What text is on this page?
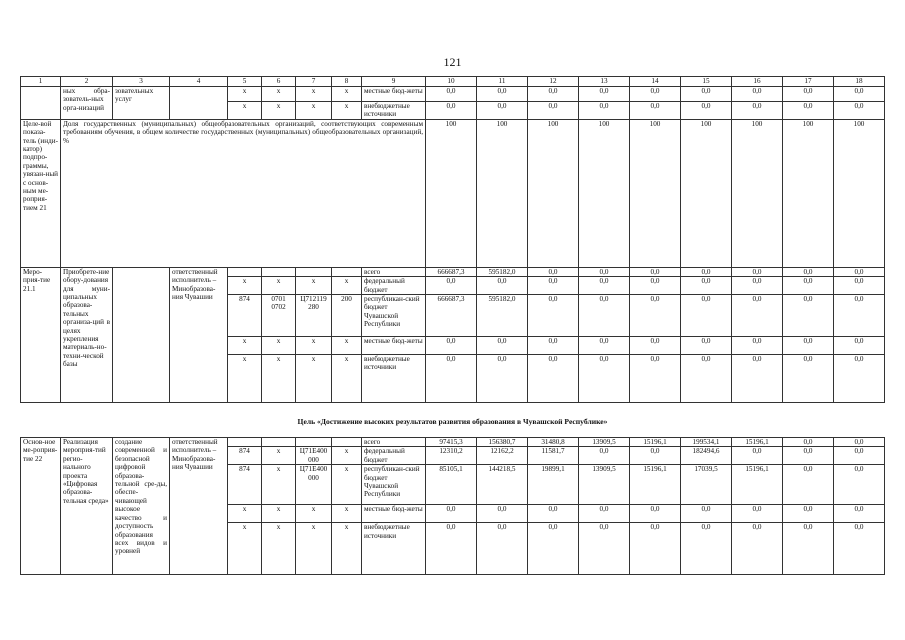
121
1	2	3	4	5	6	7	8	9	10	11	12	13	14	15	16	17	18
	ных обра-зователь-ных орга-низаций	зовательных услуг		x	x	x	x	местные бюд-жеты	0,0	0,0	0,0	0,0	0,0	0,0	0,0	0,0	0,0
				x	x	x	x	внебюджетные источники	0,0	0,0	0,0	0,0	0,0	0,0	0,0	0,0	0,0
Целе-вой показа-тель (инди-катор) подпро-граммы, увязан-ный с основ-ным ме-роприя-тием 21	Доля государственных (муниципальных) общеобразовательных организаций, соответствующих современным требованиям обучения, в общем количестве государственных (муниципальных) общеобразовательных организаций, %								100	100	100	100	100	100	100	100	100
Меро-прия-тие 21.1	Приобрете-ние обору-дования для муни-ципальных образова-тельных организа-ций в целях укрепления материаль-но-техни-ческой базы		ответственный исполнитель – Минобразова-ния Чувашии					всего	666687,3	595182,0	0,0	0,0	0,0	0,0	0,0	0,0	0,0
				x	x	x	x	федеральный бюджет	0,0	0,0	0,0	0,0	0,0	0,0	0,0	0,0	0,0
				874	0701 0702	Ц712119 280	200	республикан-ский бюджет Чувашской Республики	666687,3	595182,0	0,0	0,0	0,0	0,0	0,0	0,0	0,0
				x	x	x	x	местные бюд-жеты	0,0	0,0	0,0	0,0	0,0	0,0	0,0	0,0	0,0
				x	x	x	x	внебюджетные источники	0,0	0,0	0,0	0,0	0,0	0,0	0,0	0,0	0,0
Цель «Достижение высоких результатов развития образования в Чувашской Республике»																	
Основ-ное ме-роприя-тие 22	Реализация мероприя-тий регио-нального проекта «Цифровая образова-тельная среда»	создание современной и безопасной цифровой образова-тельной сре-ды, обеспе-чивающей высокое качество и доступность образования всех видов и уровней	ответственный исполнитель – Минобразова-ния Чувашии					всего	97415,3	156380,7	31480,8	13909,5	15196,1	199534,1	15196,1	0,0	0,0
				874	x	Ц71Е400 000	x	федеральный бюджет	12310,2	12162,2	11581,7	0,0	0,0	182494,6	0,0	0,0	0,0
				874	x	Ц71Е400 000	x	республикан-ский бюджет Чувашской Республики	85105,1	144218,5	19899,1	13909,5	15196,1	17039,5	15196,1	0,0	0,0
				x	x	x	x	местные бюд-жеты	0,0	0,0	0,0	0,0	0,0	0,0	0,0	0,0	0,0
				x	x	x	x	внебюджетные источники	0,0	0,0	0,0	0,0	0,0	0,0	0,0	0,0	0,0
